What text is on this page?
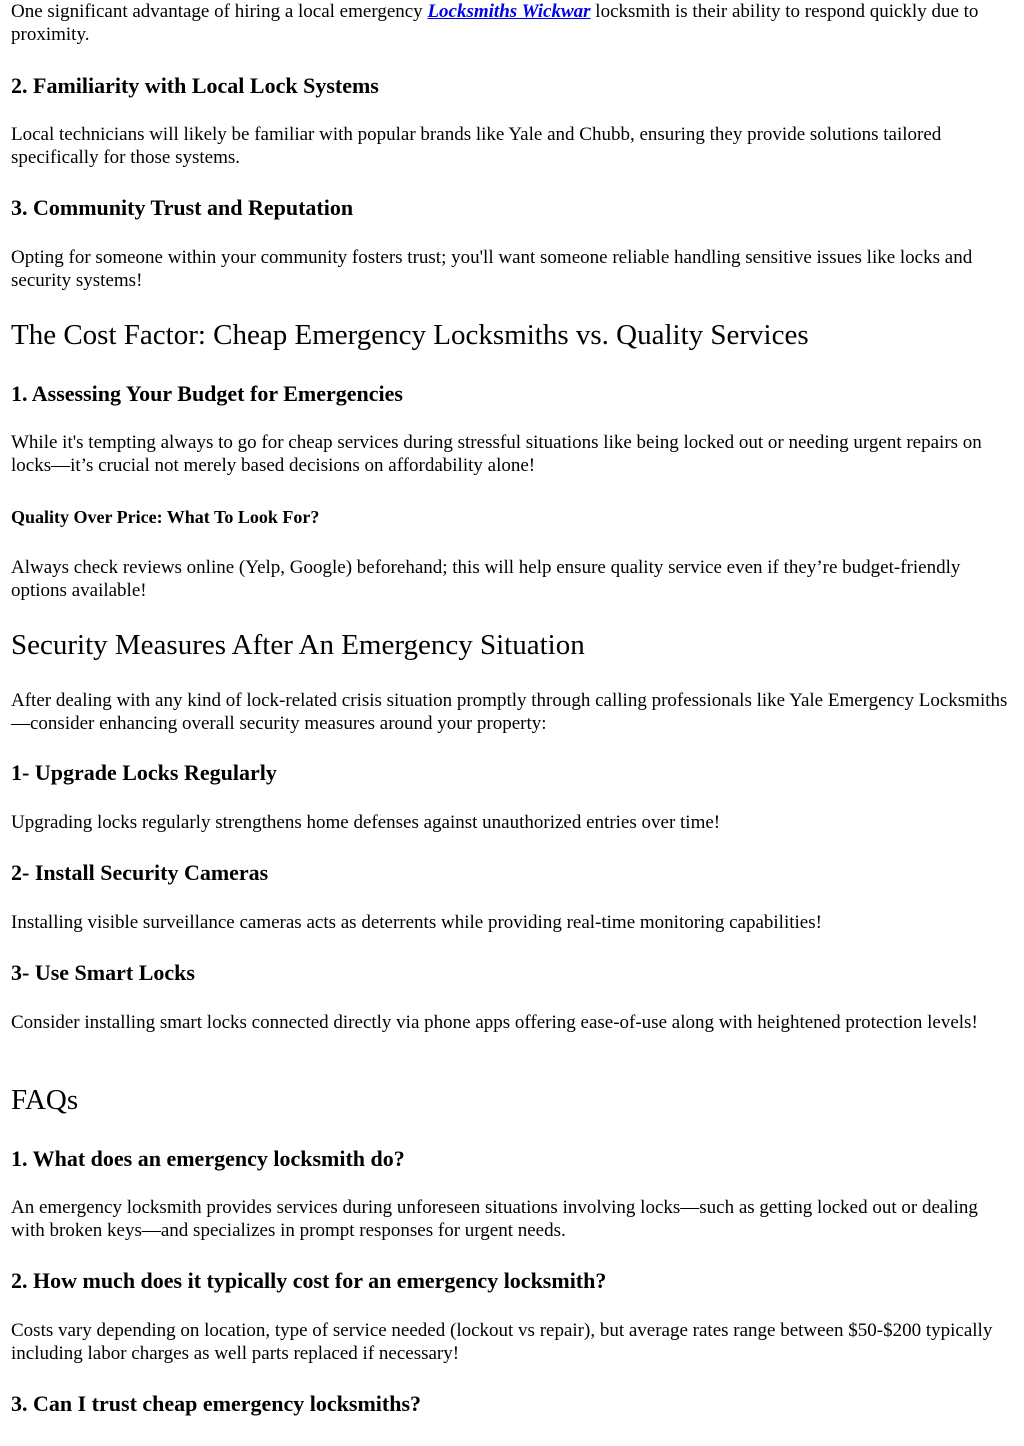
One significant advantage of hiring a local emergency Locksmiths Wickwar locksmith is their ability to respond quickly due to proximity.

2. Familiarity with Local Lock Systems

Local technicians will likely be familiar with popular brands like Yale and Chubb, ensuring they provide solutions tailored specifically for those systems.

3. Community Trust and Reputation

Opting for someone within your community fosters trust; you'll want someone reliable handling sensitive issues like locks and security systems!

The Cost Factor: Cheap Emergency Locksmiths vs. Quality Services
1. Assessing Your Budget for Emergencies

While it's tempting always to go for cheap services during stressful situations like being locked out or needing urgent repairs on locks—it’s crucial not merely based decisions on affordability alone!

Quality Over Price: What To Look For?

Always check reviews online (Yelp, Google) beforehand; this will help ensure quality service even if they’re budget-friendly options available!

Security Measures After An Emergency Situation

After dealing with any kind of lock-related crisis situation promptly through calling professionals like Yale Emergency Locksmiths—consider enhancing overall security measures around your property:

1- Upgrade Locks Regularly

Upgrading locks regularly strengthens home defenses against unauthorized entries over time!

2- Install Security Cameras

Installing visible surveillance cameras acts as deterrents while providing real-time monitoring capabilities!

3- Use Smart Locks

Consider installing smart locks connected directly via phone apps offering ease-of-use along with heightened protection levels!

FAQs
1. What does an emergency locksmith do?

An emergency locksmith provides services during unforeseen situations involving locks—such as getting locked out or dealing with broken keys—and specializes in prompt responses for urgent needs.

2. How much does it typically cost for an emergency locksmith?

Costs vary depending on location, type of service needed (lockout vs repair), but average rates range between $50-$200 typically including labor charges as well parts replaced if necessary!

3. Can I trust cheap emergency locksmiths?
